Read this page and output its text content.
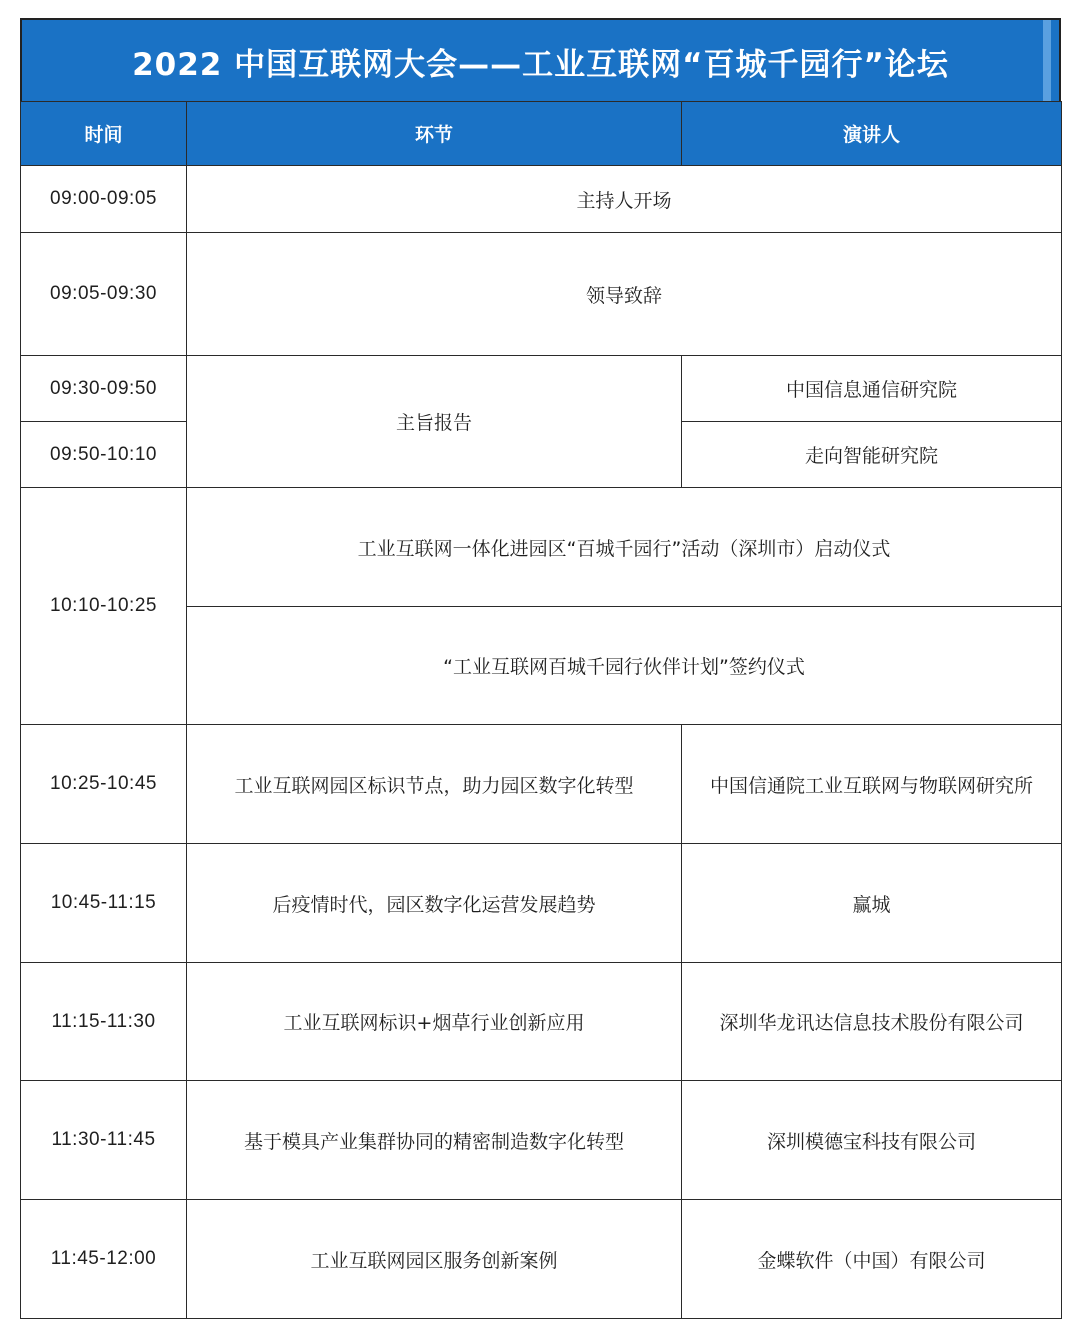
2022 中国互联网大会——工业互联网“百城千园行”论坛
时间	环节	演讲人
09:00-09:05	主持人开场	
09:05-09:30	领导致辞	
09:30-09:50	主旨报告	中国信息通信研究院
09:50-10:10		走向智能研究院
10:10-10:25	工业互联网一体化进园区“百城千园行”活动（深圳市）启动仪式	
	“工业互联网百城千园行伙伴计划”签约仪式	
10:25-10:45	工业互联网园区标识节点，助力园区数字化转型	中国信通院工业互联网与物联网研究所
10:45-11:15	后疫情时代，园区数字化运营发展趋势	赢城
11:15-11:30	工业互联网标识+烟草行业创新应用	深圳华龙讯达信息技术股份有限公司
11:30-11:45	基于模具产业集群协同的精密制造数字化转型	深圳模德宝科技有限公司
11:45-12:00	工业互联网园区服务创新案例	金蝶软件（中国）有限公司
